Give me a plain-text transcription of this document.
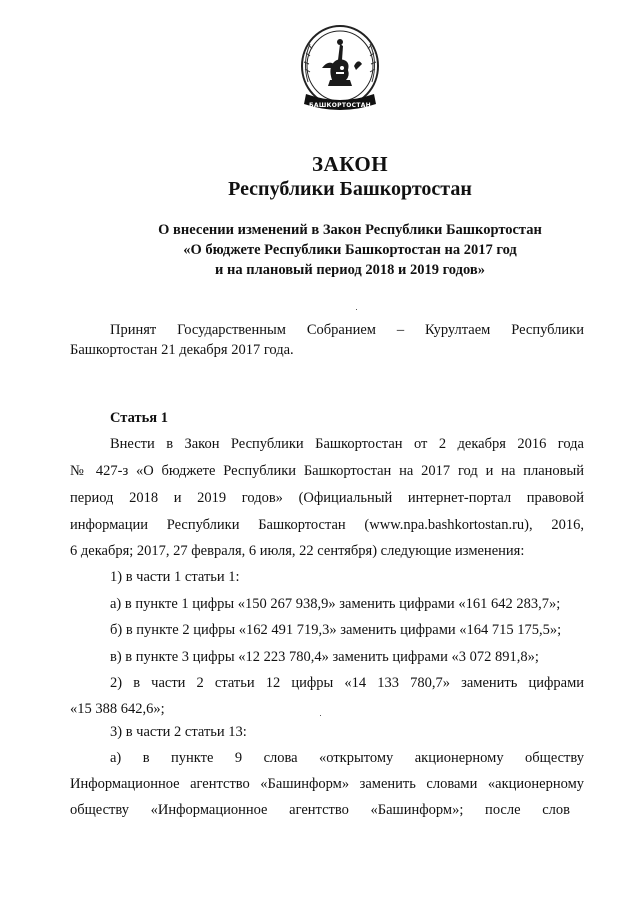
БАШКОРТОСТАН
ЗАКОН
Республики Башкортостан
О внесении изменений в Закон Республики Башкортостан
«О бюджете Республики Башкортостан на 2017 год
и на плановый период 2018 и 2019 годов»
Принят Государственным Собранием – Курултаем Республики
Башкортостан 21 декабря 2017 года.
Статья 1
Внести в Закон Республики Башкортостан от 2 декабря 2016 года
№ 427-з «О бюджете Республики Башкортостан на 2017 год и на плановый
период 2018 и 2019 годов» (Официальный интернет-портал правовой
информации Республики Башкортостан (www.npa.bashkortostan.ru), 2016,
6 декабря; 2017, 27 февраля, 6 июля, 22 сентября) следующие изменения:
1) в части 1 статьи 1:
а) в пункте 1 цифры «150 267 938,9» заменить цифрами «161 642 283,7»;
б) в пункте 2 цифры «162 491 719,3» заменить цифрами «164 715 175,5»;
в) в пункте 3 цифры «12 223 780,4» заменить цифрами «3 072 891,8»;
2) в части 2 статьи 12 цифры «14 133 780,7» заменить цифрами
«15 388 642,6»;
3) в части 2 статьи 13:
а) в пункте 9 слова «открытому акционерному обществу
Информационное агентство «Башинформ» заменить словами «акционерному
обществу «Информационное агентство «Башинформ»; после слов
